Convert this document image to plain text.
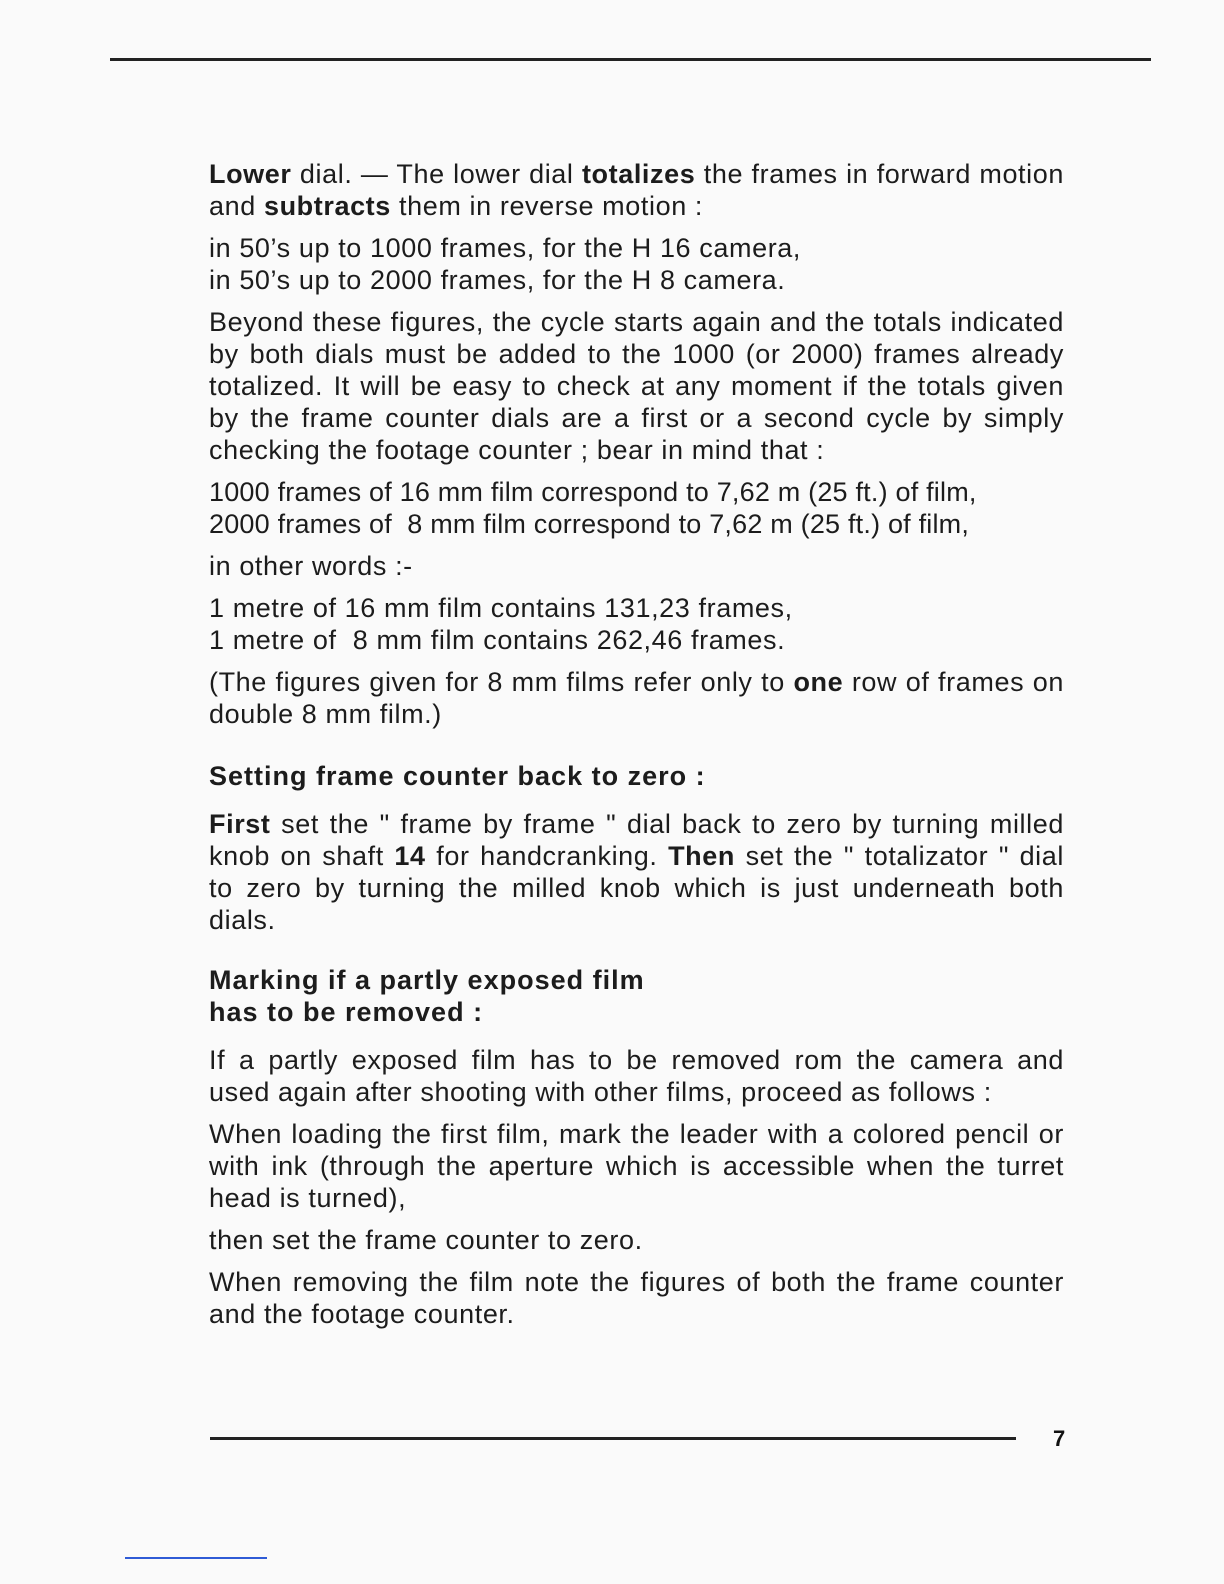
Lower dial. — The lower dial totalizes the frames in forward motion and subtracts them in reverse motion :

in 50’s up to 1000 frames, for the H 16 camera,
in 50’s up to 2000 frames, for the H 8 camera.

Beyond these figures, the cycle starts again and the totals indicated by both dials must be added to the 1000 (or 2000) frames already totalized. It will be easy to check at any moment if the totals given by the frame counter dials are a first or a second cycle by simply checking the footage counter ; bear in mind that :

1000 frames of 16 mm film correspond to 7,62 m (25 ft.) of film,
2000 frames of  8 mm film correspond to 7,62 m (25 ft.) of film,

in other words :-

1 metre of 16 mm film contains 131,23 frames,
1 metre of  8 mm film contains 262,46 frames.

(The figures given for 8 mm films refer only to one row of frames on double 8 mm film.)

Setting frame counter back to zero :

First set the " frame by frame " dial back to zero by turning milled knob on shaft 14 for handcranking. Then set the " totalizator " dial to zero by turning the milled knob which is just underneath both dials.

Marking if a partly exposed film
has to be removed :

If a partly exposed film has to be removed rom the camera and used again after shooting with other films, proceed as follows :

When loading the first film, mark the leader with a colored pencil or with ink (through the aperture which is accessible when the turret head is turned),

then set the frame counter to zero.

When removing the film note the figures of both the frame counter and the footage counter.

7
